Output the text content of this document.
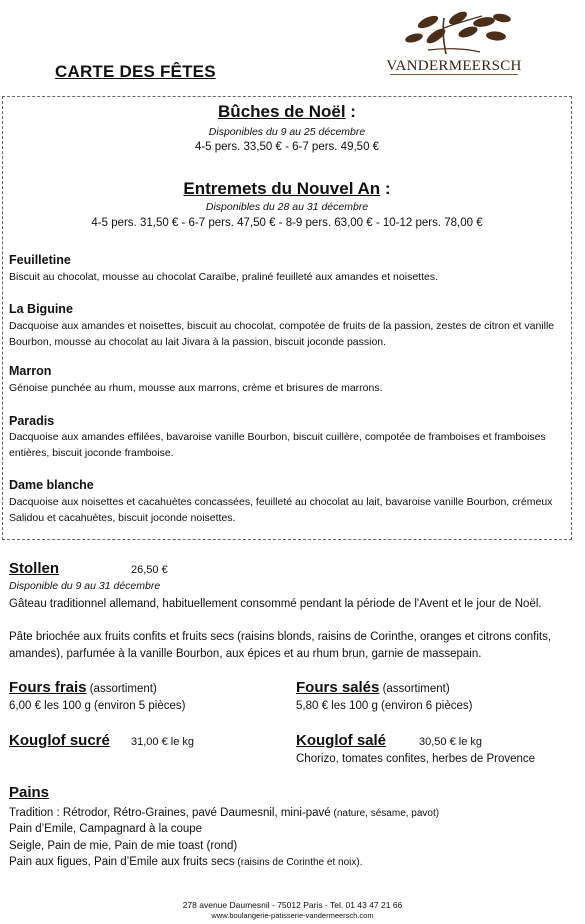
CARTE DES FÊTES	VANDERMEERSCH
Bûches de Noël :
Disponibles du 9 au 25 décembre
4-5 pers. 33,50 € - 6-7 pers. 49,50 €
Entremets du Nouvel An :
Disponibles du 28 au 31 décembre
4-5 pers. 31,50 € - 6-7 pers. 47,50 € - 8-9 pers. 63,00 € - 10-12 pers. 78,00 €
Feuilletine
Biscuit au chocolat, mousse au chocolat Caraïbe, praliné feuilleté aux amandes et noisettes.
La Biguine
Dacquoise aux amandes et noisettes, biscuit au chocolat, compotée de fruits de la passion, zestes de citron et vanille Bourbon, mousse au chocolat au lait Jivara à la passion, biscuit joconde passion.
Marron
Génoise punchée au rhum, mousse aux marrons, crème et brisures de marrons.
Paradis
Dacquoise aux amandes effilées, bavaroise vanille Bourbon, biscuit cuillère, compotée de framboises et framboises entières, biscuit joconde framboise.
Dame blanche
Dacquoise aux noisettes et cacahuètes concassées, feuilleté au chocolat au lait, bavaroise vanille Bourbon, crémeux Salidou et cacahuètes, biscuit joconde noisettes.
Stollen	26,50 €
Disponible du 9 au 31 décembre
Gâteau traditionnel allemand, habituellement consommé pendant la période de l'Avent et le jour de Noël.
Pâte briochée aux fruits confits et fruits secs (raisins blonds, raisins de Corinthe, oranges et citrons confits, amandes), parfumée à la vanille Bourbon, aux épices et au rhum brun, garnie de massepain.
Fours frais (assortiment)
6,00 € les 100 g (environ 5 pièces)
Fours salés (assortiment)
5,80 € les 100 g (environ 6 pièces)
Kouglof sucré 31,00 € le kg	Kouglof salé	30,50 € le kg
Chorizo, tomates confites, herbes de Provence
Pains
Tradition : Rétrodor, Rétro-Graines, pavé Daumesnil, mini-pavé (nature, sésame, pavot)
Pain d’Emile, Campagnard à la coupe
Seigle, Pain de mie, Pain de mie toast (rond)
Pain aux figues, Pain d’Emile aux fruits secs (raisins de Corinthe et noix).
278 avenue Daumesnil - 75012 Paris - Tel. 01 43 47 21 66
www.boulangerie-patisserie-vandermeersch.com
